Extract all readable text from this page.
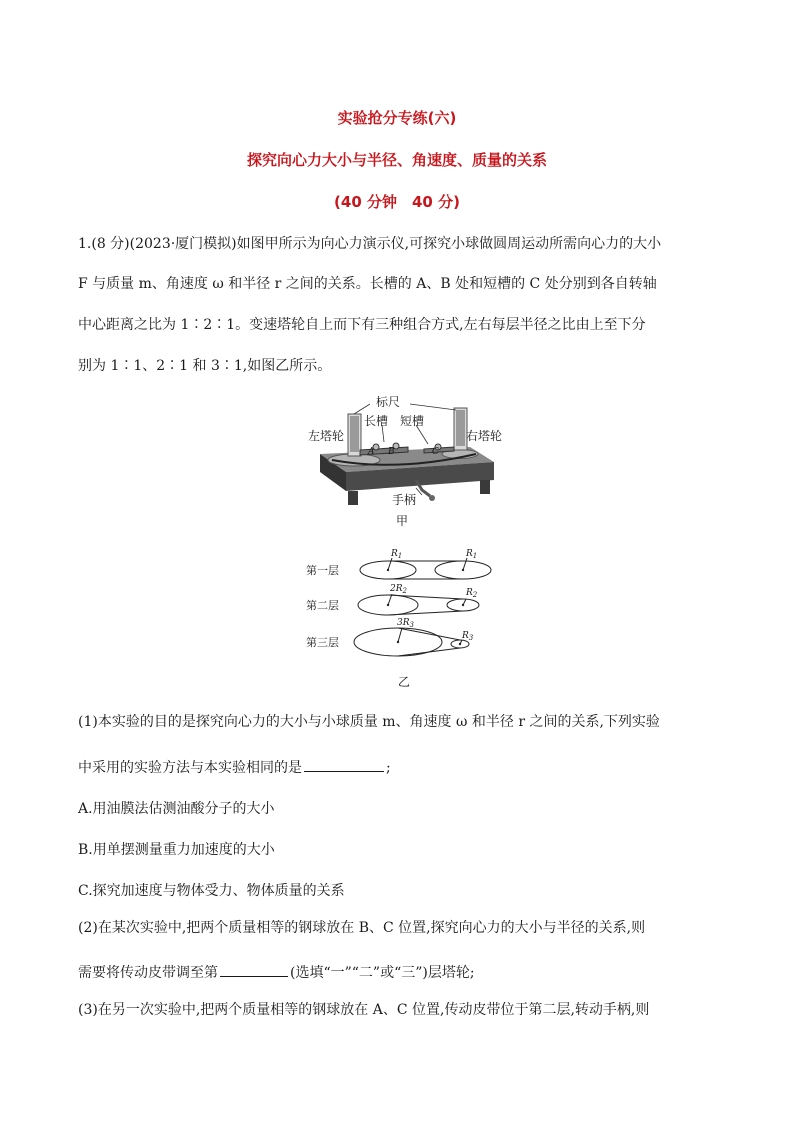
实验抢分专练(六)
探究向心力大小与半径、角速度、质量的关系
(40 分钟　40 分)
1.(8 分)(2023·厦门模拟)如图甲所示为向心力演示仪,可探究小球做圆周运动所需向心力的大小
F 与质量 m、角速度 ω 和半径 r 之间的关系。长槽的 A、B 处和短槽的 C 处分别到各自转轴
中心距离之比为 1∶2∶1。变速塔轮自上而下有三种组合方式,左右每层半径之比由上至下分
别为 1∶1、2∶1 和 3∶1,如图乙所示。
标尺
长槽 短槽
左塔轮	右塔轮
手柄
A B	C
甲
第一层
$R_1$	$R_1$
第二层
$2R_2$	$R_2$
第三层
$3R_3$
$R_3$
乙
(1)本实验的目的是探究向心力的大小与小球质量 m、角速度 ω 和半径 r 之间的关系,下列实验
中采用的实验方法与本实验相同的是	;
A.用油膜法估测油酸分子的大小
B.用单摆测量重力加速度的大小
C.探究加速度与物体受力、物体质量的关系
(2)在某次实验中,把两个质量相等的钢球放在 B、C 位置,探究向心力的大小与半径的关系,则
需要将传动皮带调至第	(选填“一”“二”或“三”)层塔轮;
(3)在另一次实验中,把两个质量相等的钢球放在 A、C 位置,传动皮带位于第二层,转动手柄,则
